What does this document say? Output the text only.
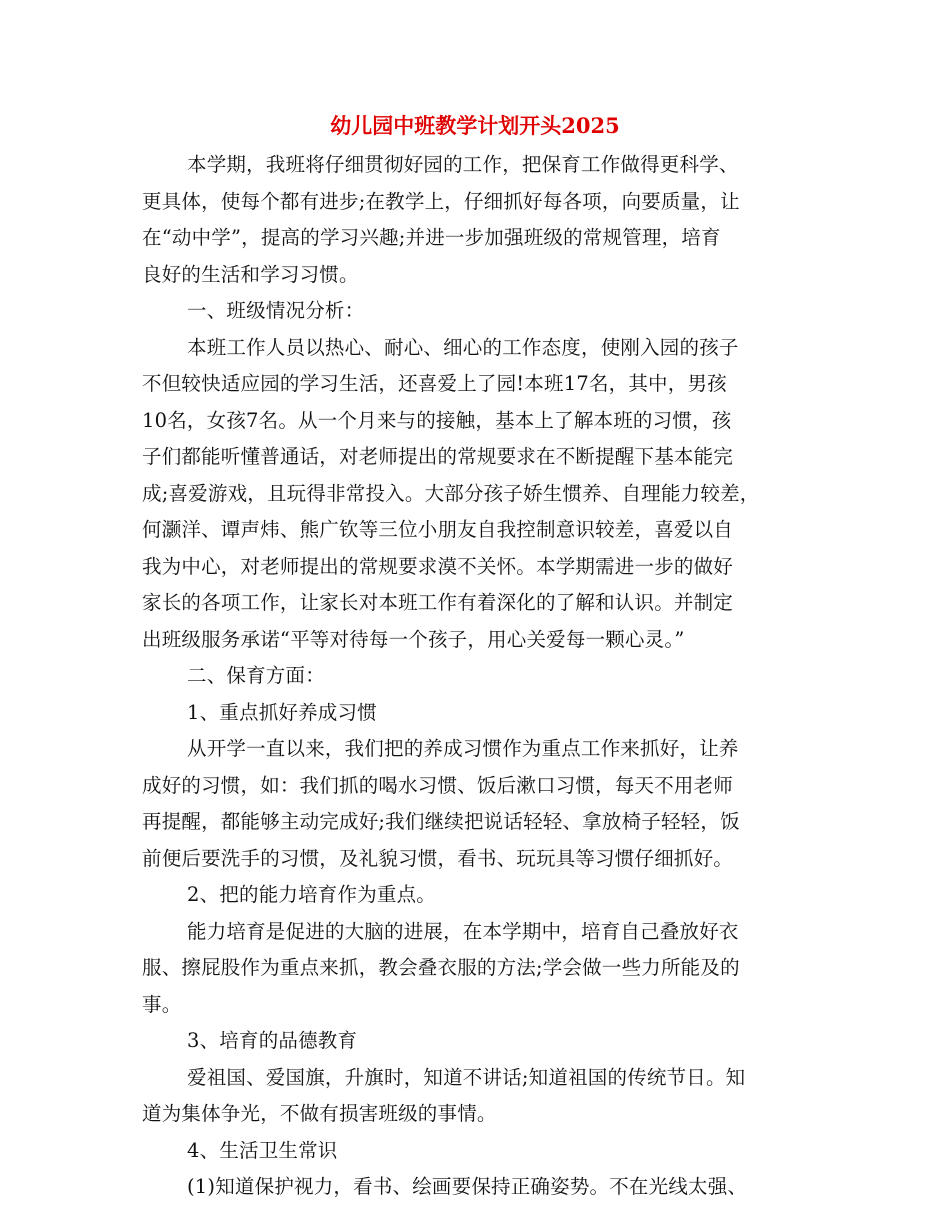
幼儿园中班教学计划开头2025
本学期，我班将仔细贯彻好园的工作，把保育工作做得更科学、
更具体，使每个都有进步;在教学上，仔细抓好每各项，向要质量，让
在“动中学”，提高的学习兴趣;并进一步加强班级的常规管理，培育
良好的生活和学习习惯。
一、班级情况分析：
本班工作人员以热心、耐心、细心的工作态度，使刚入园的孩子
不但较快适应园的学习生活，还喜爱上了园!本班17名，其中，男孩
10名，女孩7名。从一个月来与的接触，基本上了解本班的习惯，孩
子们都能听懂普通话，对老师提出的常规要求在不断提醒下基本能完
成;喜爱游戏，且玩得非常投入。大部分孩子娇生惯养、自理能力较差，
何灏洋、谭声炜、熊广钦等三位小朋友自我控制意识较差，喜爱以自
我为中心，对老师提出的常规要求漠不关怀。本学期需进一步的做好
家长的各项工作，让家长对本班工作有着深化的了解和认识。并制定
出班级服务承诺“平等对待每一个孩子，用心关爱每一颗心灵。”
二、保育方面：
1、重点抓好养成习惯
从开学一直以来，我们把的养成习惯作为重点工作来抓好，让养
成好的习惯，如：我们抓的喝水习惯、饭后漱口习惯，每天不用老师
再提醒，都能够主动完成好;我们继续把说话轻轻、拿放椅子轻轻，饭
前便后要洗手的习惯，及礼貌习惯，看书、玩玩具等习惯仔细抓好。
2、把的能力培育作为重点。
能力培育是促进的大脑的进展，在本学期中，培育自己叠放好衣
服、擦屁股作为重点来抓，教会叠衣服的方法;学会做一些力所能及的
事。
3、培育的品德教育
爱祖国、爱国旗，升旗时，知道不讲话;知道祖国的传统节日。知
道为集体争光，不做有损害班级的事情。
4、生活卫生常识
(1)知道保护视力，看书、绘画要保持正确姿势。不在光线太强、
